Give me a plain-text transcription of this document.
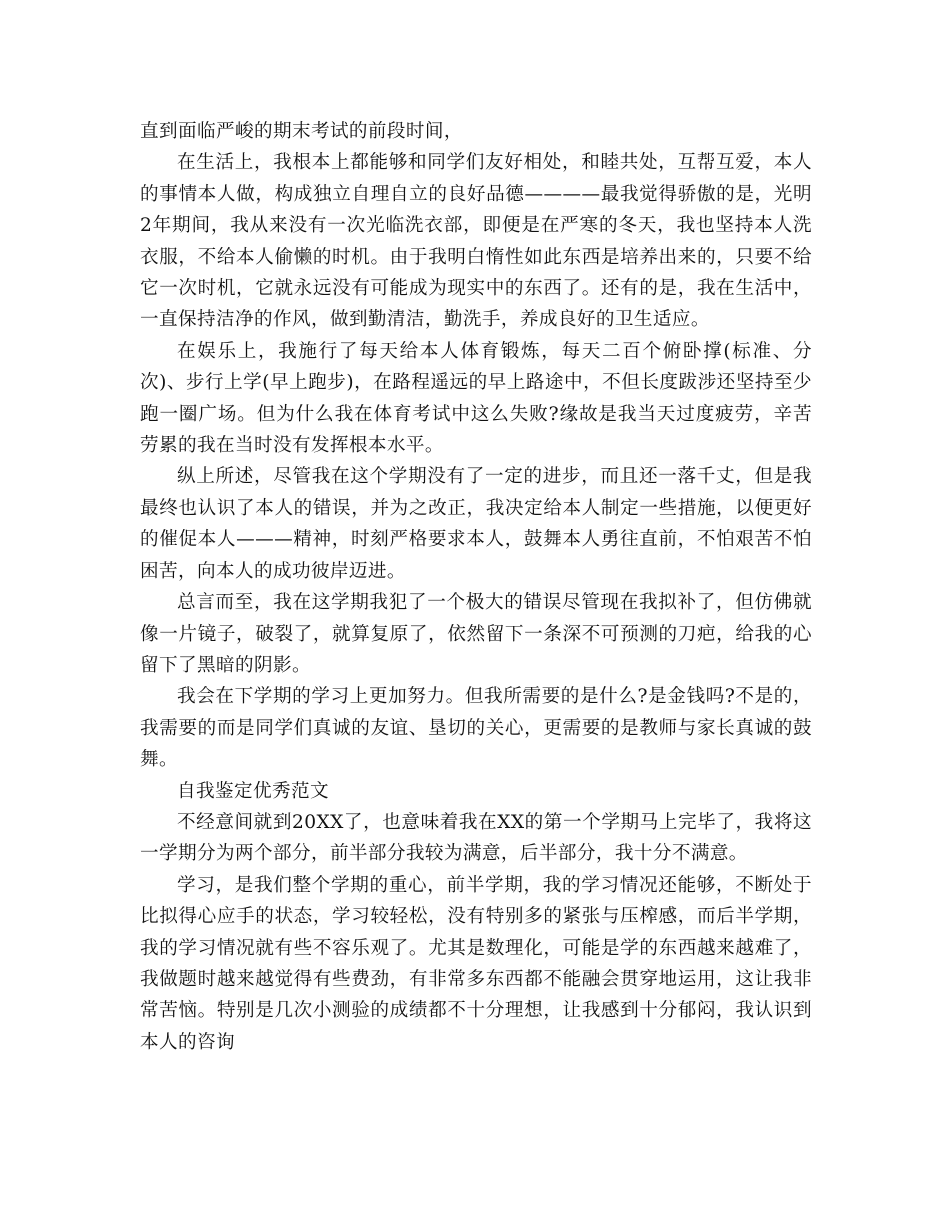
直到面临严峻的期末考试的前段时间，

在生活上，我根本上都能够和同学们友好相处，和睦共处，互帮互爱，本人的事情本人做，构成独立自理自立的良好品德————最我觉得骄傲的是，光明2年期间，我从来没有一次光临洗衣部，即便是在严寒的冬天，我也坚持本人洗衣服，不给本人偷懒的时机。由于我明白惰性如此东西是培养出来的，只要不给它一次时机，它就永远没有可能成为现实中的东西了。还有的是，我在生活中，一直保持洁净的作风，做到勤清洁，勤洗手，养成良好的卫生适应。

在娱乐上，我施行了每天给本人体育锻炼，每天二百个俯卧撑(标准、分次)、步行上学(早上跑步)，在路程遥远的早上路途中，不但长度跋涉还坚持至少跑一圈广场。但为什么我在体育考试中这么失败?缘故是我当天过度疲劳，辛苦劳累的我在当时没有发挥根本水平。

纵上所述，尽管我在这个学期没有了一定的进步，而且还一落千丈，但是我最终也认识了本人的错误，并为之改正，我决定给本人制定一些措施，以便更好的催促本人———精神，时刻严格要求本人，鼓舞本人勇往直前，不怕艰苦不怕困苦，向本人的成功彼岸迈进。

总言而至，我在这学期我犯了一个极大的错误尽管现在我拟补了，但仿佛就像一片镜子，破裂了，就算复原了，依然留下一条深不可预测的刀疤，给我的心留下了黑暗的阴影。

我会在下学期的学习上更加努力。但我所需要的是什么?是金钱吗?不是的，我需要的而是同学们真诚的友谊、垦切的关心，更需要的是教师与家长真诚的鼓舞。

自我鉴定优秀范文

不经意间就到20XX了，也意味着我在XX的第一个学期马上完毕了，我将这一学期分为两个部分，前半部分我较为满意，后半部分，我十分不满意。

学习，是我们整个学期的重心，前半学期，我的学习情况还能够，不断处于比拟得心应手的状态，学习较轻松，没有特别多的紧张与压榨感，而后半学期，我的学习情况就有些不容乐观了。尤其是数理化，可能是学的东西越来越难了，我做题时越来越觉得有些费劲，有非常多东西都不能融会贯穿地运用，这让我非常苦恼。特别是几次小测验的成绩都不十分理想，让我感到十分郁闷，我认识到本人的咨询
